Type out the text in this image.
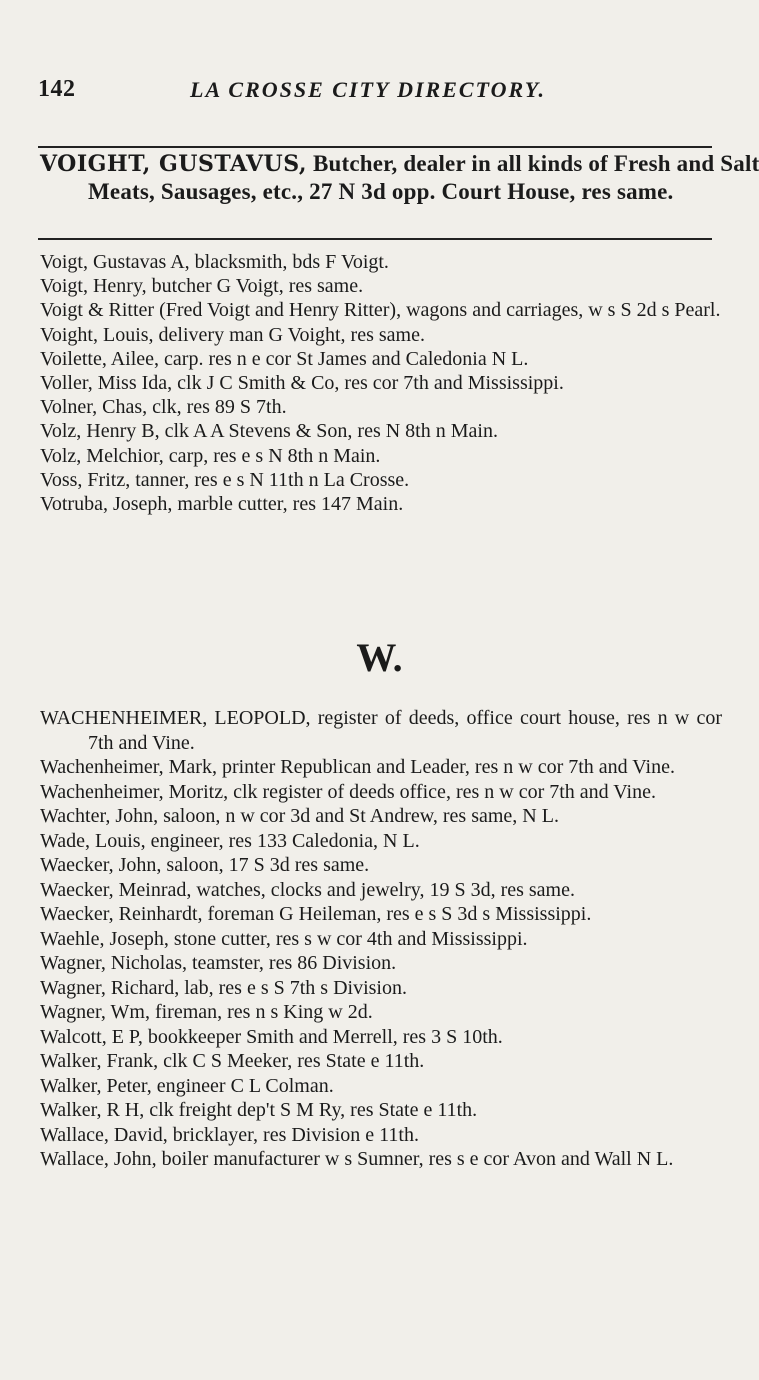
142	LA CROSSE CITY DIRECTORY.
VOIGHT, GUSTAVUS, Butcher, dealer in all kinds of Fresh and Salt Meats, Sausages, etc., 27 N 3d opp. Court House, res same.
Voigt, Gustavas A, blacksmith, bds F Voigt.
Voigt, Henry, butcher G Voigt, res same.
Voigt & Ritter (Fred Voigt and Henry Ritter), wagons and carriages, w s S 2d s Pearl.
Voight, Louis, delivery man G Voight, res same.
Voilette, Ailee, carp. res n e cor St James and Caledonia N L.
Voller, Miss Ida, clk J C Smith & Co, res cor 7th and Mississippi.
Volner, Chas, clk, res 89 S 7th.
Volz, Henry B, clk A A Stevens & Son, res N 8th n Main.
Volz, Melchior, carp, res e s N 8th n Main.
Voss, Fritz, tanner, res e s N 11th n La Crosse.
Votruba, Joseph, marble cutter, res 147 Main.
W.
WACHENHEIMER, LEOPOLD, register of deeds, office court house, res n w cor 7th and Vine.
Wachenheimer, Mark, printer Republican and Leader, res n w cor 7th and Vine.
Wachenheimer, Moritz, clk register of deeds office, res n w cor 7th and Vine.
Wachter, John, saloon, n w cor 3d and St Andrew, res same, N L.
Wade, Louis, engineer, res 133 Caledonia, N L.
Waecker, John, saloon, 17 S 3d res same.
Waecker, Meinrad, watches, clocks and jewelry, 19 S 3d, res same.
Waecker, Reinhardt, foreman G Heileman, res e s S 3d s Mississippi.
Waehle, Joseph, stone cutter, res s w cor 4th and Mississippi.
Wagner, Nicholas, teamster, res 86 Division.
Wagner, Richard, lab, res e s S 7th s Division.
Wagner, Wm, fireman, res n s King w 2d.
Walcott, E P, bookkeeper Smith and Merrell, res 3 S 10th.
Walker, Frank, clk C S Meeker, res State e 11th.
Walker, Peter, engineer C L Colman.
Walker, R H, clk freight dep't S M Ry, res State e 11th.
Wallace, David, bricklayer, res Division e 11th.
Wallace, John, boiler manufacturer w s Sumner, res s e cor Avon and Wall N L.
